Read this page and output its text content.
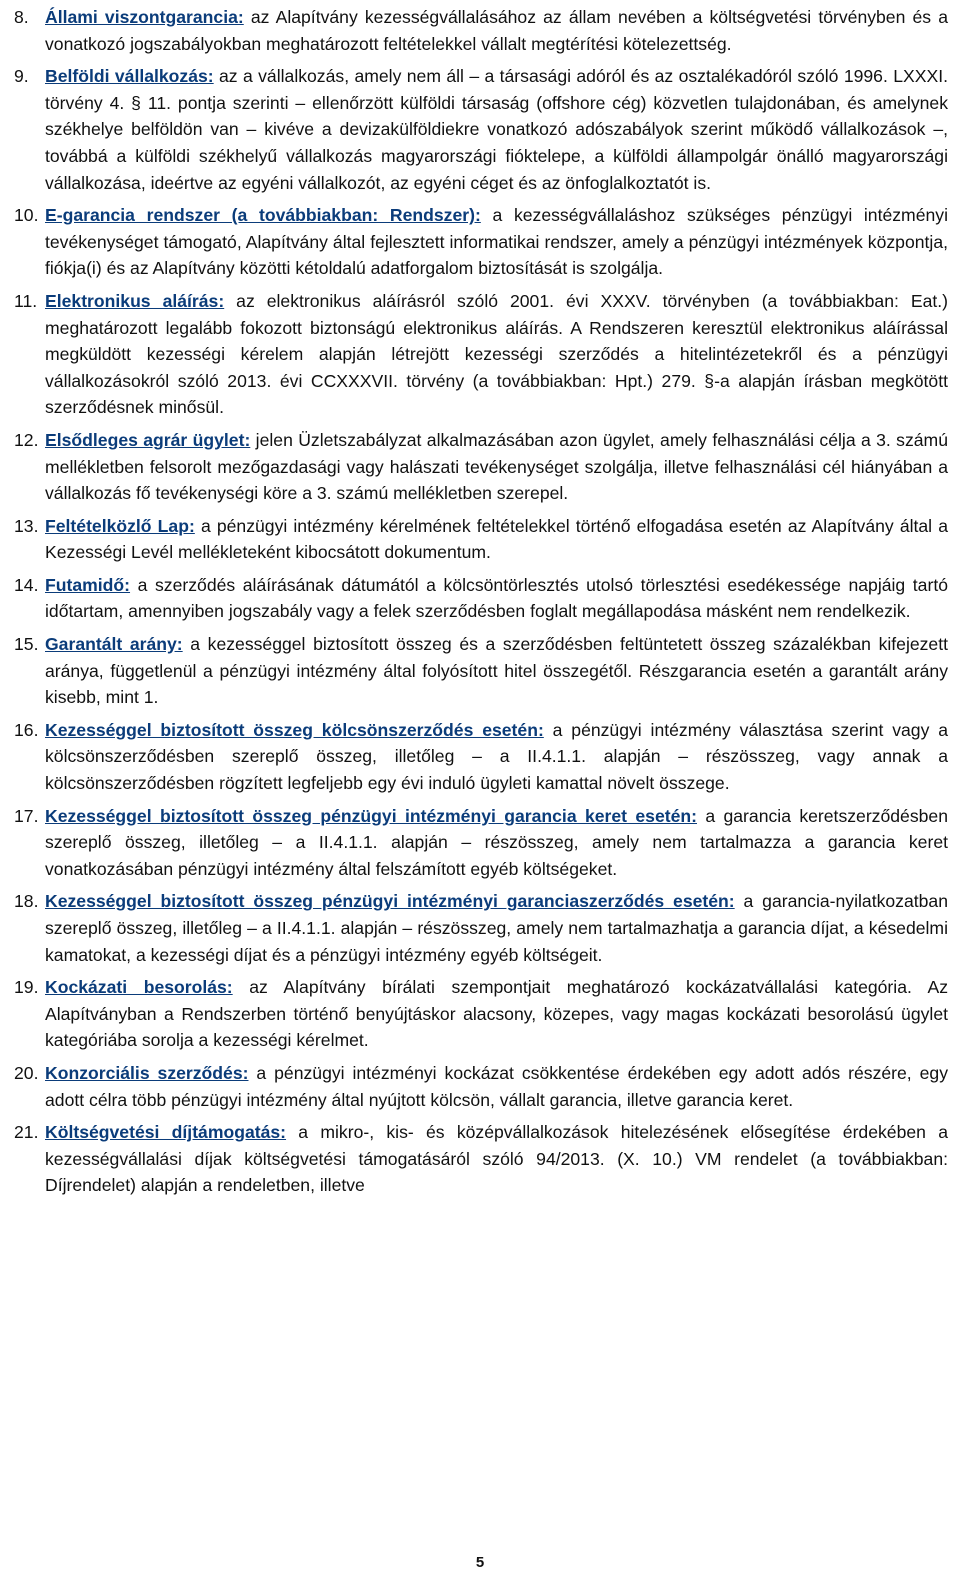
8. Állami viszontgarancia: az Alapítvány kezességvállalásához az állam nevében a költségvetési törvényben és a vonatkozó jogszabályokban meghatározott feltételekkel vállalt megtérítési kötelezettség.
9. Belföldi vállalkozás: az a vállalkozás, amely nem áll – a társasági adóról és az osztalékadóról szóló 1996. LXXXI. törvény 4. § 11. pontja szerinti – ellenőrzött külföldi társaság (offshore cég) közvetlen tulajdonában, és amelynek székhelye belföldön van – kivéve a devizakülföldiekre vonatkozó adószabályok szerint működő vállalkozások –, továbbá a külföldi székhelyű vállalkozás magyarországi fióktelepe, a külföldi állampolgár önálló magyarországi vállalkozása, ideértve az egyéni vállalkozót, az egyéni céget és az önfoglalkoztatót is.
10. E-garancia rendszer (a továbbiakban: Rendszer): a kezességvállaláshoz szükséges pénzügyi intézményi tevékenységet támogató, Alapítvány által fejlesztett informatikai rendszer, amely a pénzügyi intézmények központja, fiókja(i) és az Alapítvány közötti kétoldalú adatforgalom biztosítását is szolgálja.
11. Elektronikus aláírás: az elektronikus aláírásról szóló 2001. évi XXXV. törvényben (a továbbiakban: Eat.) meghatározott legalább fokozott biztonságú elektronikus aláírás. A Rendszeren keresztül elektronikus aláírással megküldött kezességi kérelem alapján létrejött kezességi szerződés a hitelintézetekről és a pénzügyi vállalkozásokról szóló 2013. évi CCXXXVII. törvény (a továbbiakban: Hpt.) 279. §-a alapján írásban megkötött szerződésnek minősül.
12. Elsődleges agrár ügylet: jelen Üzletszabályzat alkalmazásában azon ügylet, amely felhasználási célja a 3. számú mellékletben felsorolt mezőgazdasági vagy halászati tevékenységet szolgálja, illetve felhasználási cél hiányában a vállalkozás fő tevékenységi köre a 3. számú mellékletben szerepel.
13. Feltételközlő Lap: a pénzügyi intézmény kérelmének feltételekkel történő elfogadása esetén az Alapítvány által a Kezességi Levél mellékleteként kibocsátott dokumentum.
14. Futamidő: a szerződés aláírásának dátumától a kölcsöntörlesztés utolsó törlesztési esedékessége napjáig tartó időtartam, amennyiben jogszabály vagy a felek szerződésben foglalt megállapodása másként nem rendelkezik.
15. Garantált arány: a kezességgel biztosított összeg és a szerződésben feltüntetett összeg százalékban kifejezett aránya, függetlenül a pénzügyi intézmény által folyósított hitel összegétől. Részgarancia esetén a garantált arány kisebb, mint 1.
16. Kezességgel biztosított összeg kölcsönszerződés esetén: a pénzügyi intézmény választása szerint vagy a kölcsönszerződésben szereplő összeg, illetőleg – a II.4.1.1. alapján – részösszeg, vagy annak a kölcsönszerződésben rögzített legfeljebb egy évi induló ügyleti kamattal növelt összege.
17. Kezességgel biztosított összeg pénzügyi intézményi garancia keret esetén: a garancia keretszerződésben szereplő összeg, illetőleg – a II.4.1.1. alapján – részösszeg, amely nem tartalmazza a garancia keret vonatkozásában pénzügyi intézmény által felszámított egyéb költségeket.
18. Kezességgel biztosított összeg pénzügyi intézményi garanciaszerződés esetén: a garancia-nyilatkozatban szereplő összeg, illetőleg – a II.4.1.1. alapján – részösszeg, amely nem tartalmazhatja a garancia díjat, a késedelmi kamatokat, a kezességi díjat és a pénzügyi intézmény egyéb költségeit.
19. Kockázati besorolás: az Alapítvány bírálati szempontjait meghatározó kockázatvállalási kategória. Az Alapítványban a Rendszerben történő benyújtáskor alacsony, közepes, vagy magas kockázati besorolású ügylet kategóriába sorolja a kezességi kérelmet.
20. Konzorciális szerződés: a pénzügyi intézményi kockázat csökkentése érdekében egy adott adós részére, egy adott célra több pénzügyi intézmény által nyújtott kölcsön, vállalt garancia, illetve garancia keret.
21. Költségvetési díjtámogatás: a mikro-, kis- és középvállalkozások hitelezésének elősegítése érdekében a kezességvállalási díjak költségvetési támogatásáról szóló 94/2013. (X. 10.) VM rendelet (a továbbiakban: Díjrendelet) alapján a rendeletben, illetve
5
